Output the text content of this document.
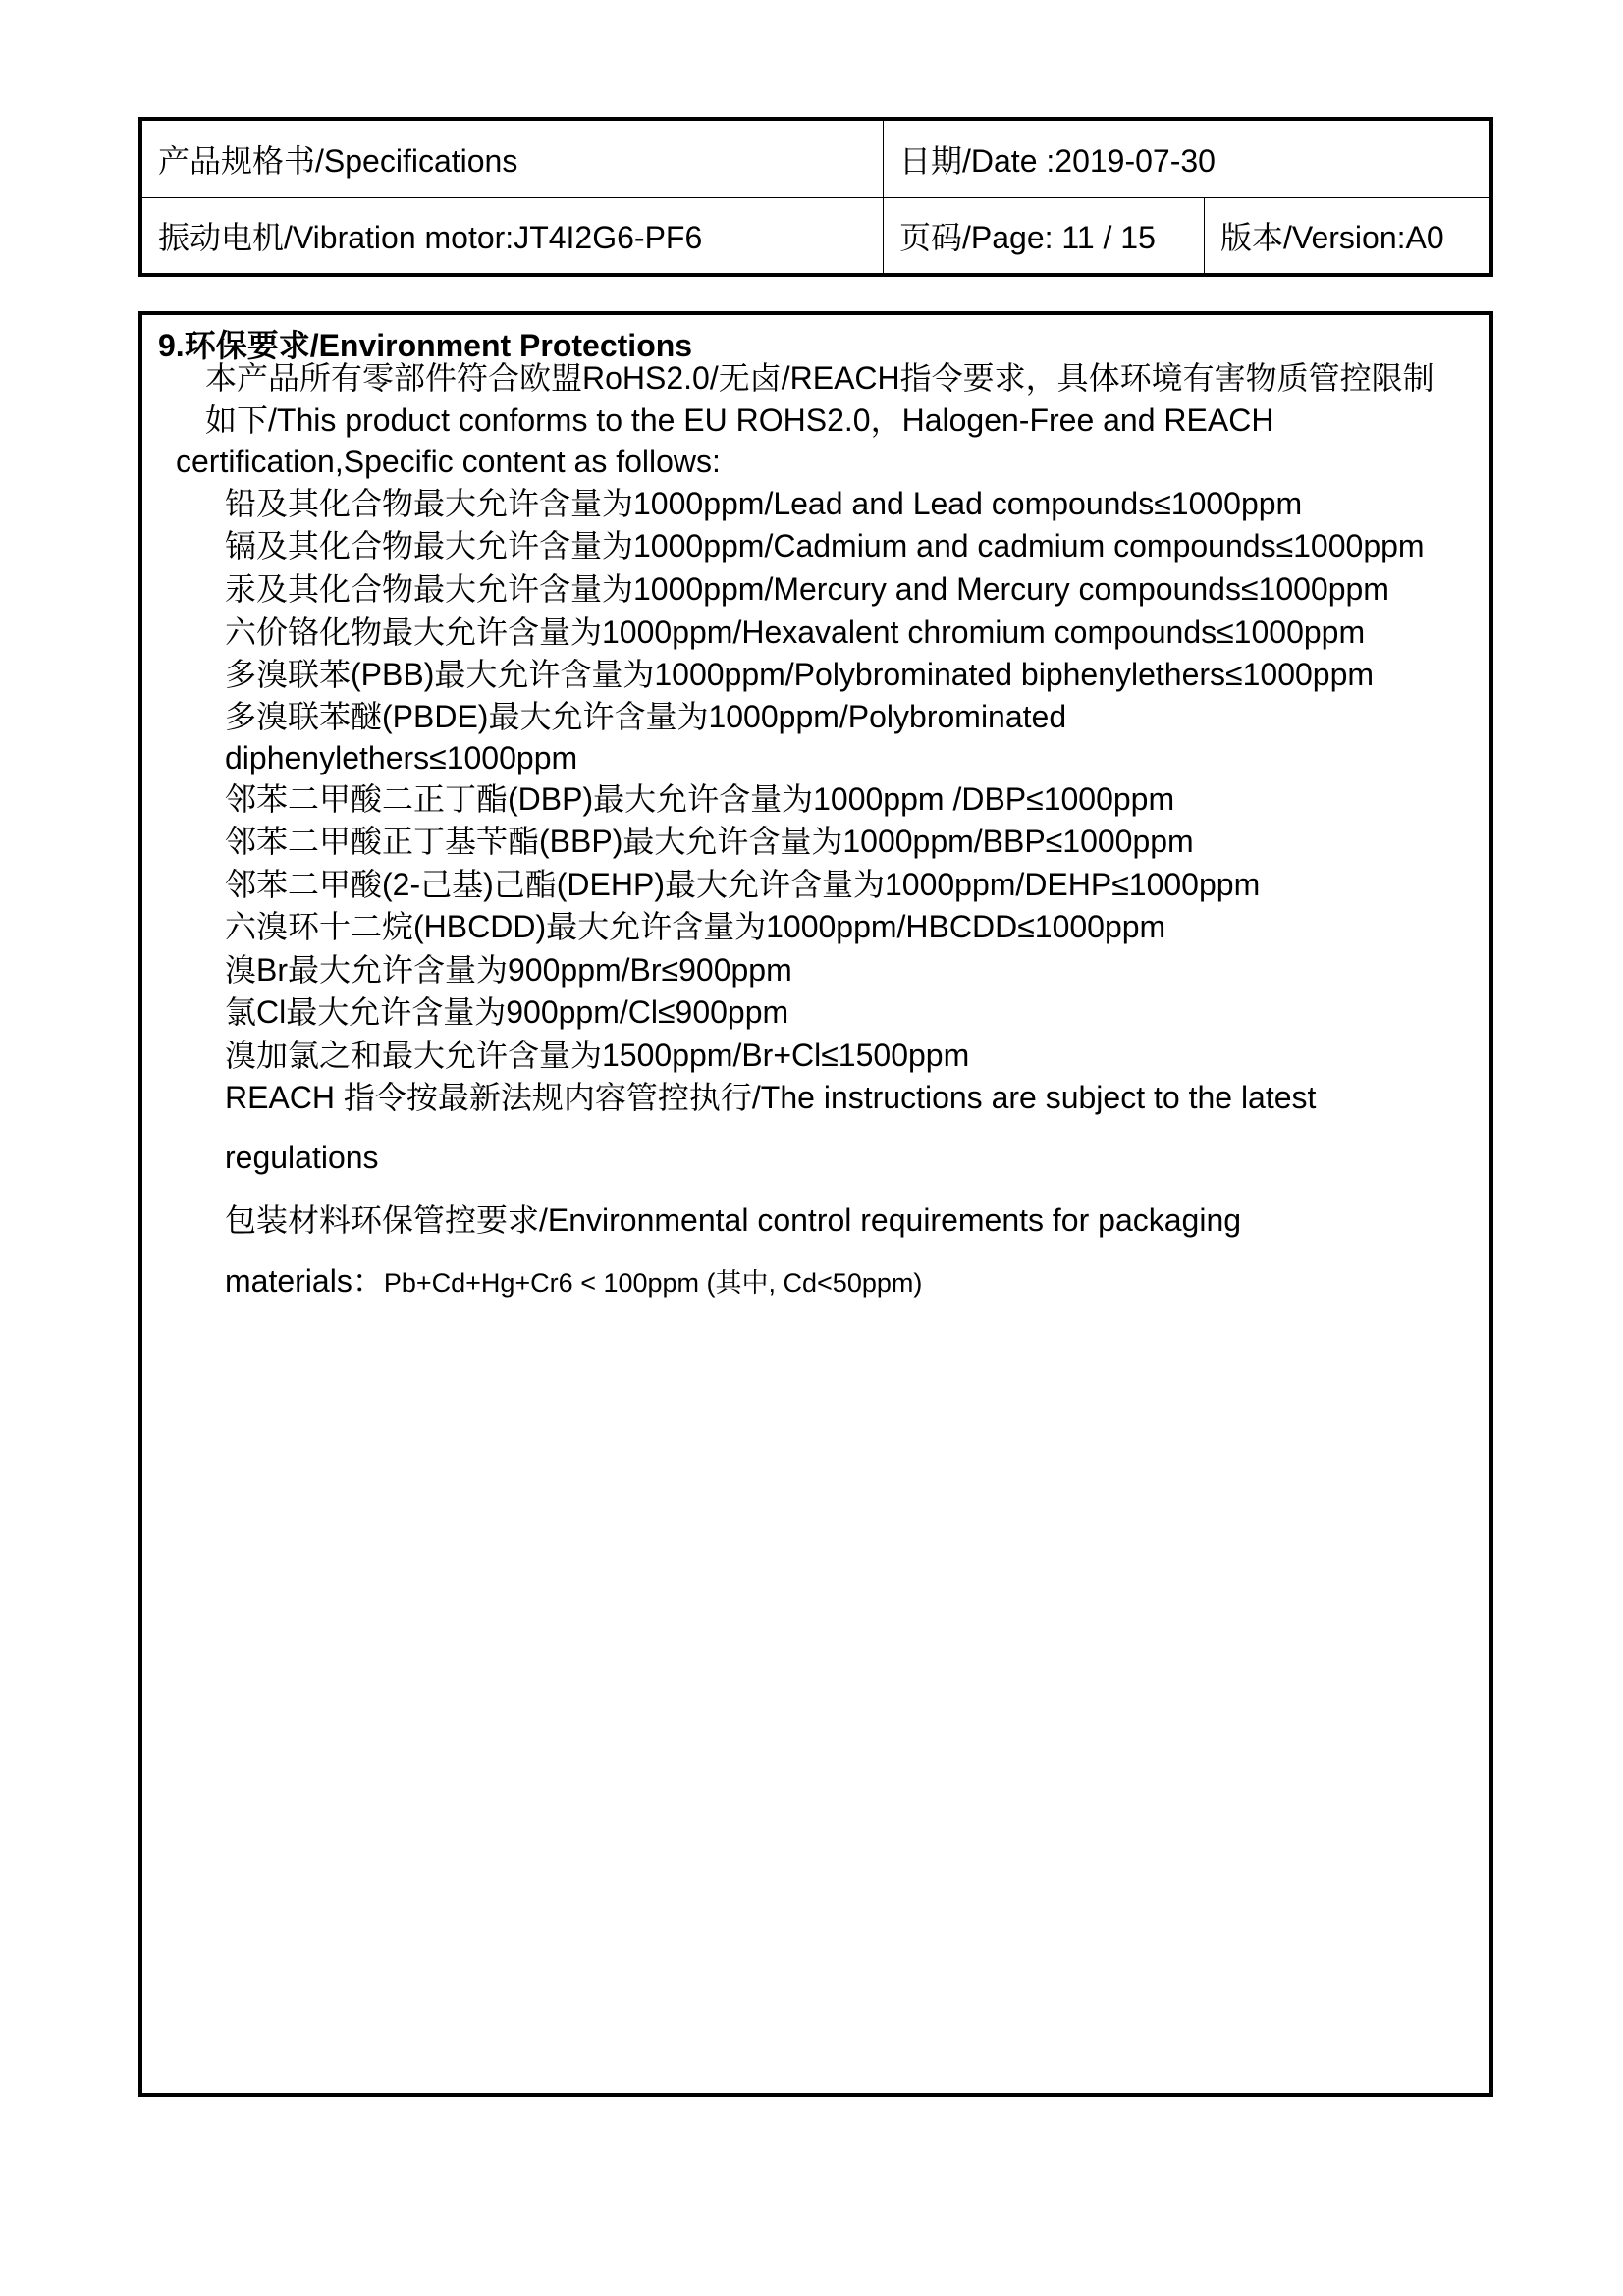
产品规格书/Specifications	日期/Date :2019-07-30
振动电机/Vibration motor:JT4I2G6-PF6	页码/Page: 11 / 15	版本/Version:A0
9.环保要求/Environment Protections
本产品所有零部件符合欧盟RoHS2.0/无卤/REACH指令要求，具体环境有害物质管控限制
如下/This product conforms to the EU ROHS2.0，Halogen-Free and REACH
certification,Specific content as follows:
铅及其化合物最大允许含量为1000ppm/Lead and Lead compounds≤1000ppm
镉及其化合物最大允许含量为1000ppm/Cadmium and cadmium compounds≤1000ppm
汞及其化合物最大允许含量为1000ppm/Mercury and Mercury compounds≤1000ppm
六价铬化物最大允许含量为1000ppm/Hexavalent chromium compounds≤1000ppm
多溴联苯(PBB)最大允许含量为1000ppm/Polybrominated biphenylethers≤1000ppm
多溴联苯醚(PBDE)最大允许含量为1000ppm/Polybrominated
diphenylethers≤1000ppm
邻苯二甲酸二正丁酯(DBP)最大允许含量为1000ppm /DBP≤1000ppm
邻苯二甲酸正丁基苄酯(BBP)最大允许含量为1000ppm/BBP≤1000ppm
邻苯二甲酸(2-己基)己酯(DEHP)最大允许含量为1000ppm/DEHP≤1000ppm
六溴环十二烷(HBCDD)最大允许含量为1000ppm/HBCDD≤1000ppm
溴Br最大允许含量为900ppm/Br≤900ppm
氯Cl最大允许含量为900ppm/Cl≤900ppm
溴加氯之和最大允许含量为1500ppm/Br+Cl≤1500ppm
REACH 指令按最新法规内容管控执行/The instructions are subject to the latest
regulations
包装材料环保管控要求/Environmental control requirements for packaging
materials：Pb+Cd+Hg+Cr6 < 100ppm (其中, Cd<50ppm)
